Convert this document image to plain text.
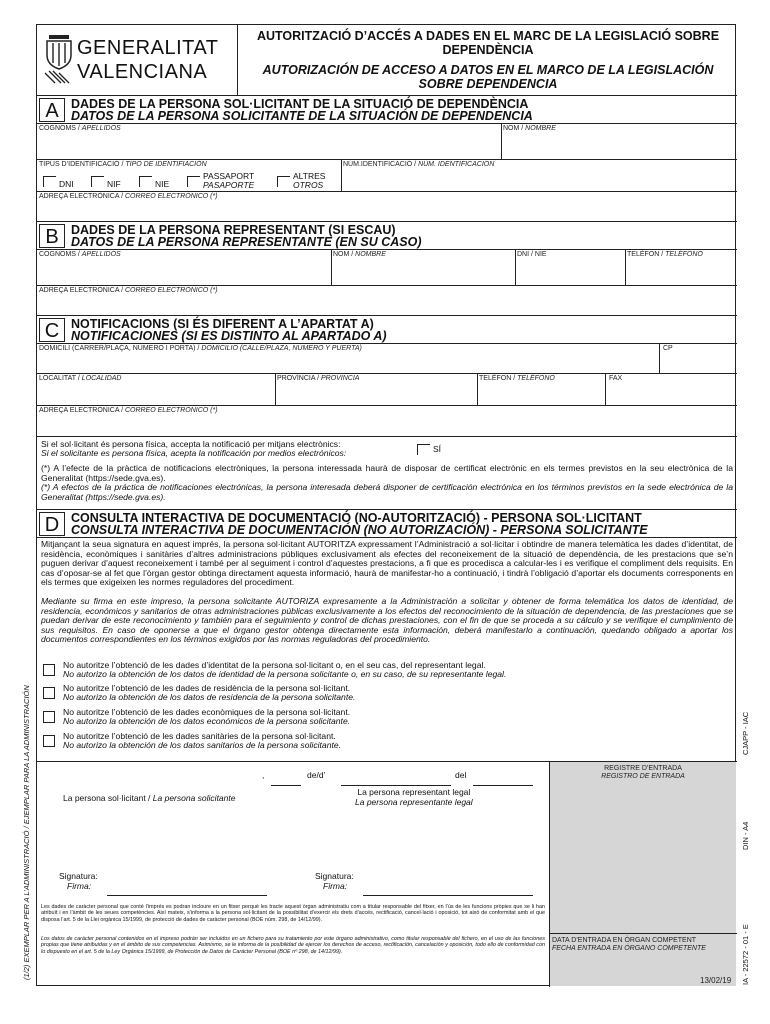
(1/2) EXEMPLAR PER A L’ADMINISTRACIÓ / EJEMPLAR PARA LA ADMINISTRACIÓN	CJAPP - IAC
DIN - A4
IA - 22572 - 01 - E
GENERALITAT
VALENCIANA
AUTORITZACIÓ D’ACCÉS A DADES EN EL MARC DE LA LEGISLACIÓ SOBRE DEPENDÈNCIA
AUTORIZACIÓN DE ACCESO A DATOS EN EL MARCO DE LA LEGISLACIÓN SOBRE DEPENDENCIA
A DADES DE LA PERSONA SOL·LICITANT DE LA SITUACIÓ DE DEPENDÈNCIA
DATOS DE LA PERSONA SOLICITANTE DE LA SITUACIÓN DE DEPENDENCIA
COGNOMS / APELLIDOS	NOM / NOMBRE
TIPUS D’IDENTIFICACIÓ / TIPO DE IDENTIFIACIÓN	NÚM.IDENTIFICACIÓ / NÚM. IDENTIFICACIÓN
DNI	NIF	NIE
PASSAPORT
PASAPORTE
ALTRES
OTROS
ADREÇA ELECTRÒNICA / CORREO ELECTRÓNICO (*)
B DADES DE LA PERSONA REPRESENTANT (SI ESCAU)
DATOS DE LA PERSONA REPRESENTANTE (EN SU CASO)
COGNOMS / APELLIDOS	NOM / NOMBRE	DNI / NIE	TELÈFON / TELÉFONO
ADREÇA ELECTRÒNICA / CORREO ELECTRÓNICO (*)
C NOTIFICACIONS (SI ÉS DIFERENT A L’APARTAT A)
NOTIFICACIONES (SI ES DISTINTO AL APARTADO A)
DOMICILI (CARRER/PLAÇA, NÚMERO I PORTA) / DOMICILIO (CALLE/PLAZA, NÚMERO Y PUERTA)	CP
LOCALITAT / LOCALIDAD	PROVÍNCIA / PROVINCIA	TELÈFON / TELÉFONO	FAX
ADREÇA ELECTRÒNICA / CORREO ELECTRÓNICO (*)
Si el sol·licitant és persona física, accepta la notificació per mitjans electrònics:
Si el solicitante es persona física, acepta la notificación por medios electrónicos:	SÍ
(*) A l’efecte de la pràctica de notificacions electròniques, la persona interessada haurà de disposar de certificat electrònic en els termes previstos en la seu electrònica de la Generalitat (https://sede.gva.es).
(*) A efectos de la práctica de notificaciones electrónicas, la persona interesada deberá disponer de certificación electrónica en los términos previstos en la sede electrónica de la Generalitat (https://sede.gva.es).
D CONSULTA INTERACTIVA DE DOCUMENTACIÓ (NO-AUTORITZACIÓ) - PERSONA SOL·LICITANT
CONSULTA INTERACTIVA DE DOCUMENTACIÓN (NO AUTORIZACIÓN) - PERSONA SOLICITANTE
Mitjançant la seua signatura en aquest imprés, la persona sol·licitant AUTORITZA expressament l’Administració a sol·licitar i obtindre de manera telemàtica les dades d’identitat, de residència, econòmiques i sanitàries d’altres administracions públiques exclusivament als efectes del reconeixement de la situació de dependència, de les prestacions que se’n puguen derivar d’aquest reconeixement i també per al seguiment i control d’aquestes prestacions, a fi que es procedisca a calcular-les i es verifique el compliment dels requisits. En cas d’oposar-se al fet que l’òrgan gestor obtinga directament aquesta informació, haurà de manifestar-ho a continuació, i tindrà l’obligació d’aportar els documents corresponents en els termes que exigeixen les normes reguladores del procediment.
Mediante su firma en este impreso, la persona solicitante AUTORIZA expresamente a la Administración a solicitar y obtener de forma telemática los datos de identidad, de residencia, económicos y sanitarios de otras administraciones públicas exclusivamente a los efectos del reconocimiento de la situación de dependencia, de las prestaciones que se puedan derivar de este reconocimiento y también para el seguimiento y control de dichas prestaciones, con el fin de que se proceda a su cálculo y se verifique el cumplimiento de sus requisitos. En caso de oponerse a que el órgano gestor obtenga directamente esta información, deberá manifestarlo a continuación, quedando obligado a aportar los documentos correspondientes en los términos exigidos por las normas reguladoras del procedimiento.
No autoritze l’obtenció de les dades d’identitat de la persona sol·licitant o, en el seu cas, del representant legal.
No autorizo la obtención de los datos de identidad de la persona solicitante o, en su caso, de su representante legal.
No autoritze l’obtenció de les dades de residència de la persona sol·licitant.
No autorizo la obtención de los datos de residencia de la persona solicitante.
No autoritze l’obtenció de les dades econòmiques de la persona sol·licitant.
No autorizo la obtención de los datos económicos de la persona solicitante.
No autoritze l’obtenció de les dades sanitàries de la persona sol·licitant.
No autorizo la obtención de los datos sanitarios de la persona solicitante.
REGISTRE D’ENTRADA
REGISTRO DE ENTRADA
DATA D’ENTRADA EN ÒRGAN COMPETENT
FECHA ENTRADA EN ÓRGANO COMPETENTE
,	de/d’	del
La persona sol·licitant / La persona solicitante
La persona representant legal
La persona representante legal
Signatura:
Firma:
Signatura:
Firma:
Les dades de caràcter personal que conté l’imprés es podran incloure en un fitxer perquè les tracte aquest òrgan administratiu com a titular responsable del fitxer, en l’ús de les funcions pròpies que se li han atribuït i en l’àmbit de les seues competències. Així mateix, s’informa a la persona sol·licitant de la possibilitat d’exercir els drets d’accés, rectificació, cancel·lació i oposició, tot això de conformitat amb el que disposa l’art. 5 de la Llei orgànica 15/1999, de protecció de dades de caràcter personal (BOE núm. 298, de 14/12/99).
Los datos de carácter personal contenidos en el impreso podrán ser incluidos en un fichero para su tratamiento por este órgano administrativo, como titular responsable del fichero, en el uso de las funciones propias que tiene atribuidas y en el ámbito de sus competencias. Asimismo, se le informa de la posibilidad de ejercer los derechos de acceso, rectificación, cancelación y oposición, todo ello de conformidad con lo dispuesto en el art. 5 de la Ley Orgánica 15/1999, de Protección de Datos de Carácter Personal (BOE nº 298, de 14/12/99).
13/02/19
